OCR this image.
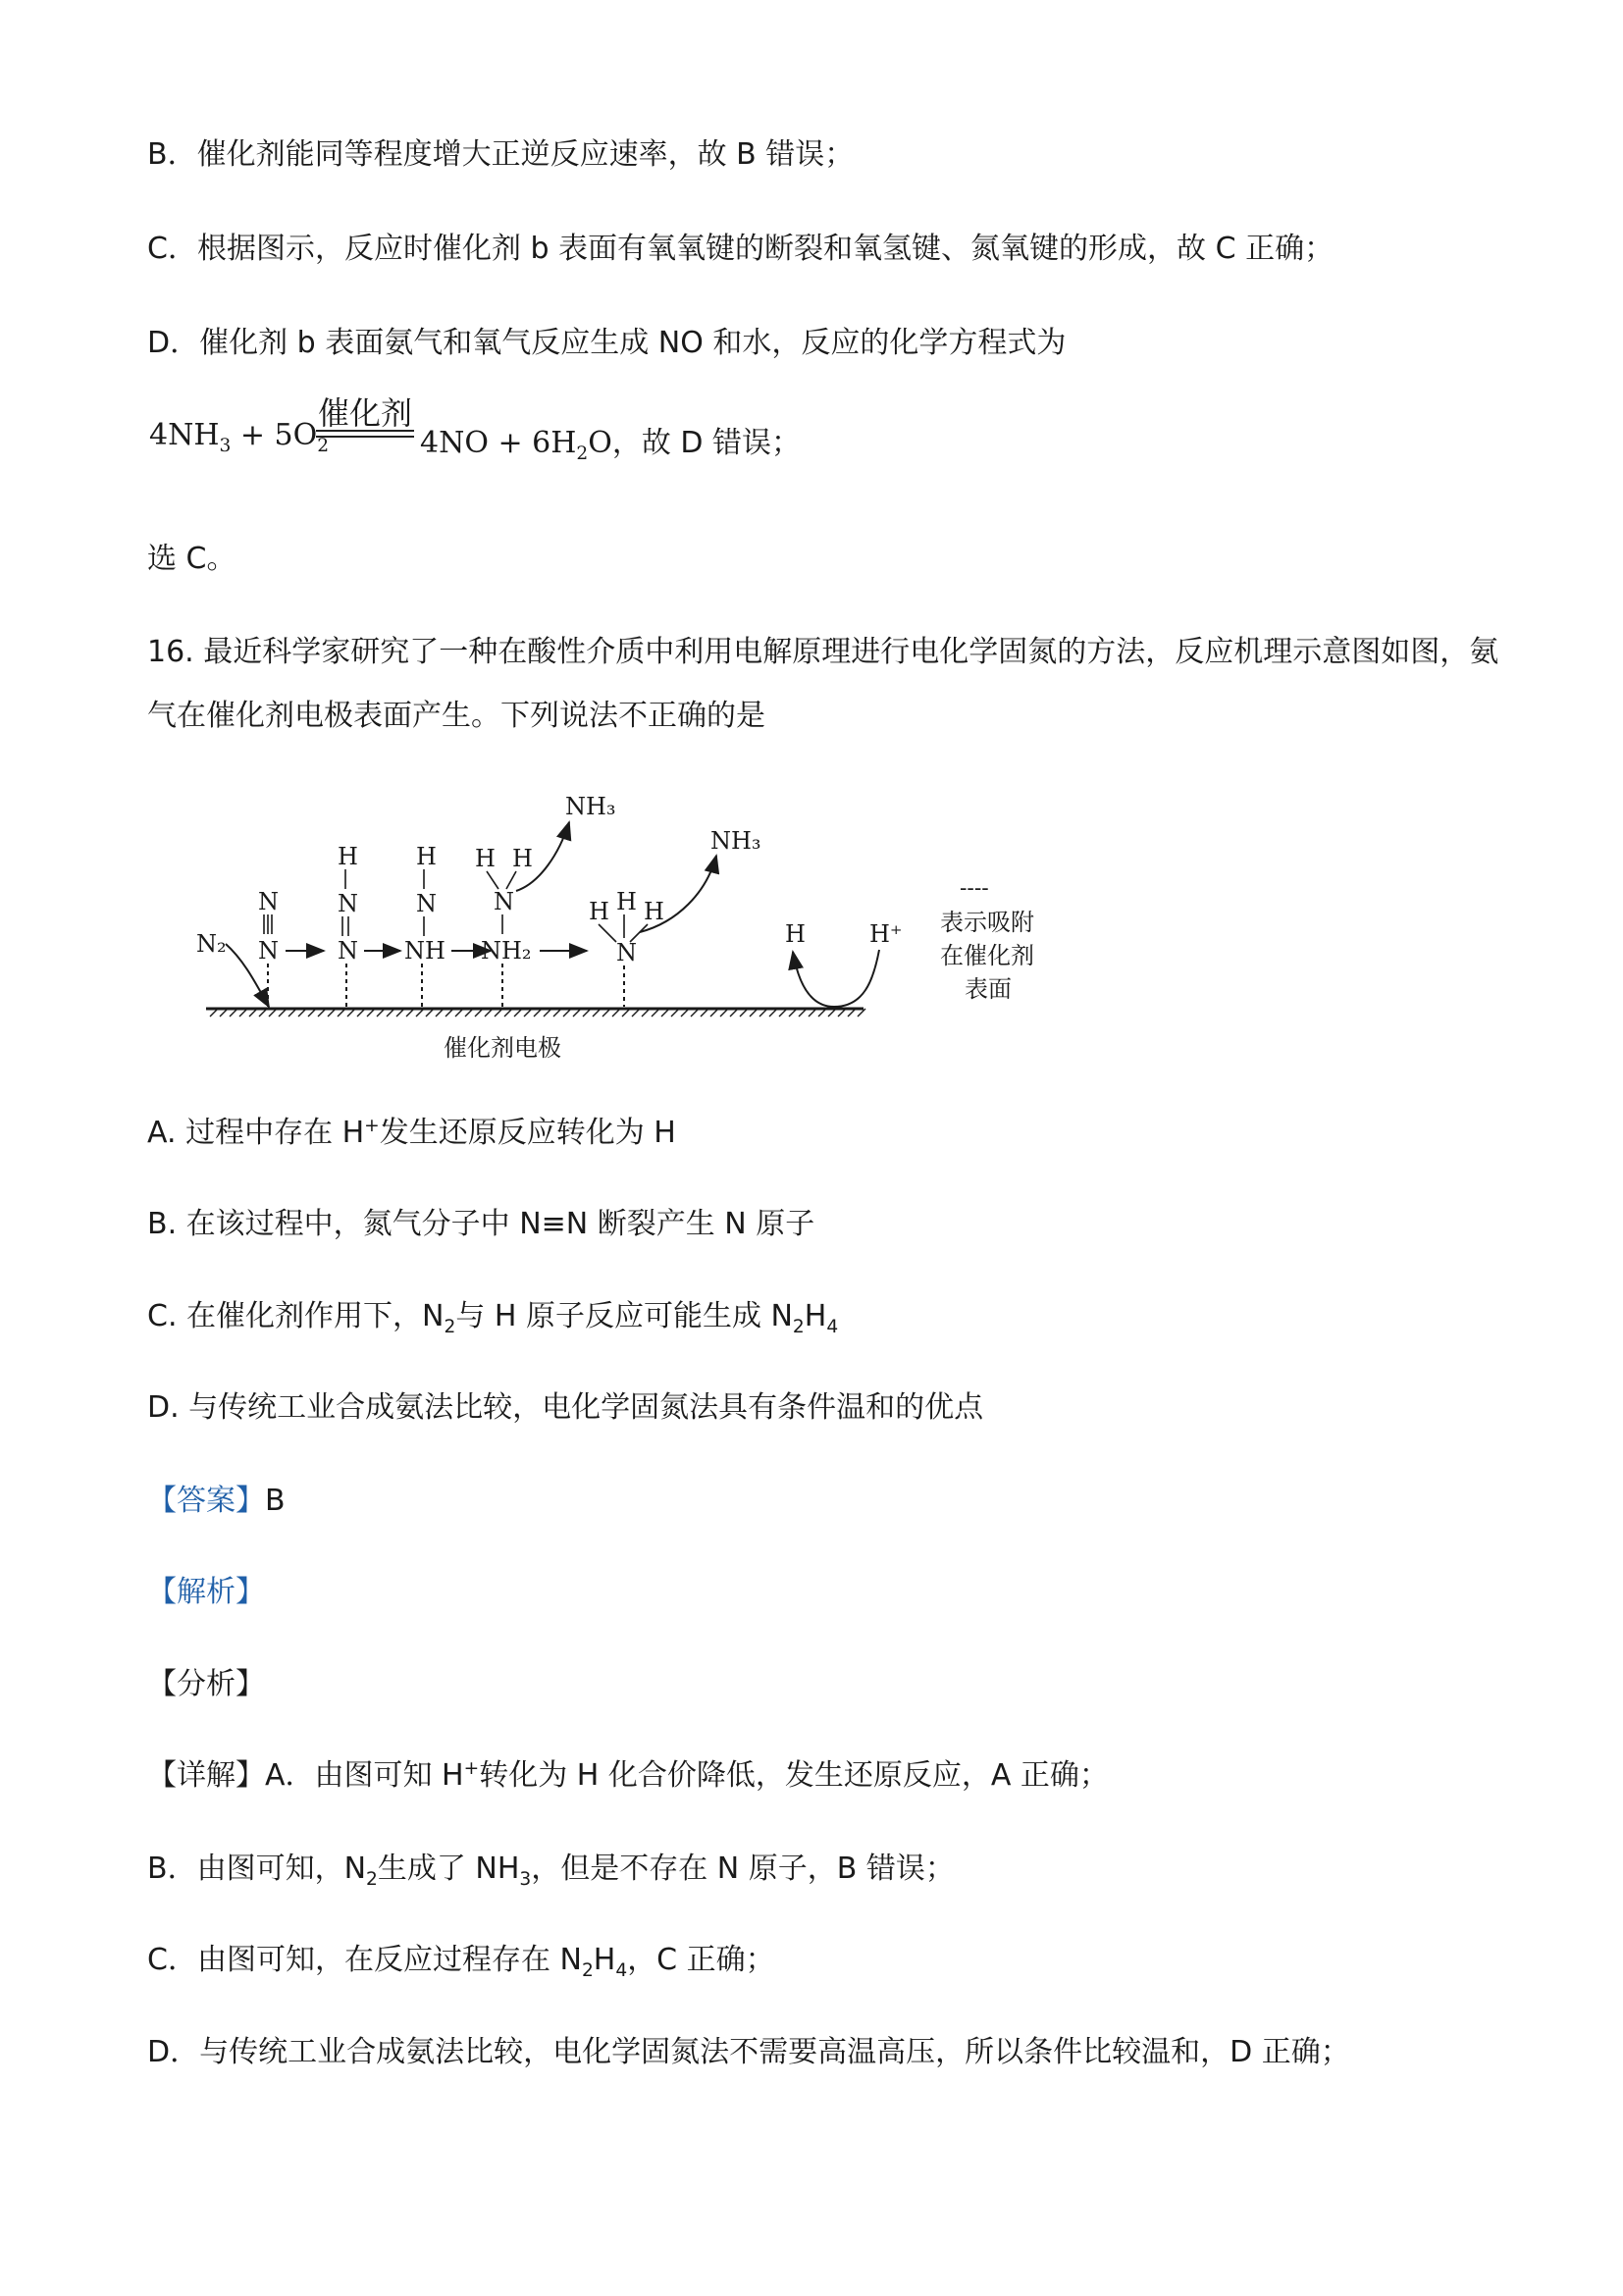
B．催化剂能同等程度增大正逆反应速率，故 B 错误；
C．根据图示，反应时催化剂 b 表面有氧氧键的断裂和氧氢键、氮氧键的形成，故 C 正确；
D．催化剂 b 表面氨气和氧气反应生成 NO 和水，反应的化学方程式为
$4NH_3 + 5O_2$
催化剂
$4NO + 6H_2O$，故 D 错误；
选 C。
16. 最近科学家研究了一种在酸性介质中利用电解原理进行电化学固氮的方法，反应机理示意图如图，氨
气在催化剂电极表面产生。下列说法不正确的是
催化剂电极
N₂
N
N
H
N
N
H
N
NH
H H
N
NH₂
NH₃
H H H
N
NH₃
H	H⁺
----
表示吸附
在催化剂
表面
A. 过程中存在 H+发生还原反应转化为 H
B. 在该过程中，氮气分子中 N≡N 断裂产生 N 原子
C. 在催化剂作用下，$N_2$与 H 原子反应可能生成 $N_2H_4$
D. 与传统工业合成氨法比较，电化学固氮法具有条件温和的优点
【答案】B
【解析】
【分析】
【详解】A．由图可知 H+转化为 H 化合价降低，发生还原反应，A 正确；
B．由图可知，$N_2$生成了 $NH_3$，但是不存在 N 原子，B 错误；
C．由图可知，在反应过程存在 $N_2H_4$，C 正确；
D．与传统工业合成氨法比较，电化学固氮法不需要高温高压，所以条件比较温和，D 正确；
